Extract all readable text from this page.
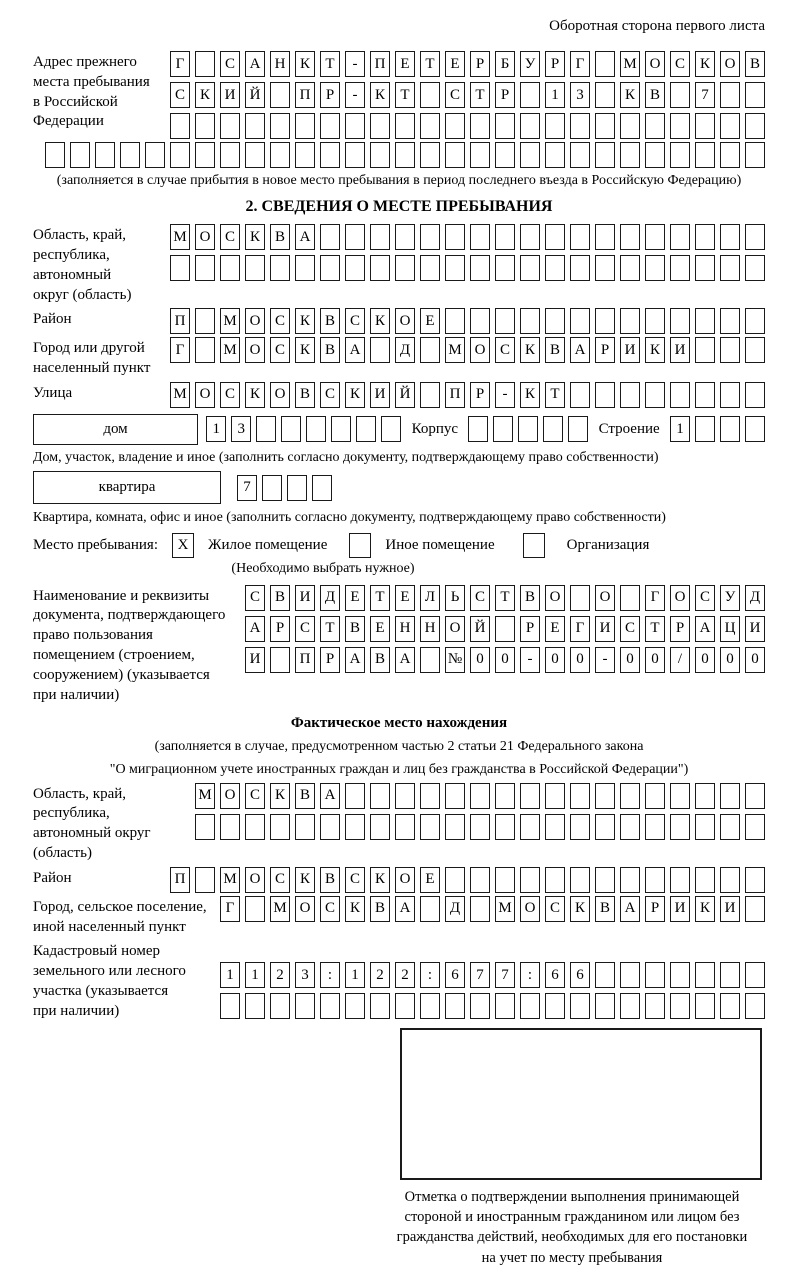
Оборотная сторона первого листа
Адрес прежнего
места пребывания
в Российской
Федерации
Г	С А Н К	Т	-	П Е	Т	Е	Р	Б	У	Р	Г	М О С К О В
С К И Й	П	Р	-	К	Т	С	Т	Р	1	3	К В	7
(заполняется в случае прибытия в новое место пребывания в период последнего въезда в Российскую Федерацию)
2. СВЕДЕНИЯ О МЕСТЕ ПРЕБЫВАНИЯ
Область, край,
республика,
автономный
округ (область)
М О С К В А
Район	П	М О С К В С К О Е
Город или другой
населенный пункт
Г	М О С К В А	Д	М О С К В А	Р	И К И
Улица	М О С К О В С К И Й	П	Р	-	К	Т
дом	1	3	Корпус	Строение	1
Дом, участок, владение и иное (заполнить согласно документу, подтверждающему право собственности)
квартира	7
Квартира, комната, офис и иное (заполнить согласно документу, подтверждающему право собственности)
Место пребывания:	X	Жилое помещение	Иное помещение	Организация
(Необходимо выбрать нужное)
Наименование и реквизиты
документа, подтверждающего
право пользования
помещением (строением,
сооружением) (указывается
при наличии)
С В И Д	Е	Т	Е	Л	Ь	С	Т	В О	О	Г	О С У Д
А	Р	С	Т	В	Е	Н Н О Й	Р	Е	Г	И С	Т	Р	А Ц И
И	П	Р	А В А	№ 0	0	-	0	0	-	0	0	/	0	0	0
Фактическое место нахождения
(заполняется в случае, предусмотренном частью 2 статьи 21 Федерального закона
"О миграционном учете иностранных граждан и лиц без гражданства в Российской Федерации")
Область, край,
республика,
автономный округ
(область)
М О С К В А
Район	П	М О С К В С К О Е
Город, сельское поселение,
иной населенный пункт
Г	М О С К В А	Д	М О С К В А	Р	И К И
Кадастровый номер
земельного или лесного
участка (указывается
при наличии)
1	1	2	3	:	1	2	2	:	6	7	7	:	6	6
Отметка о подтверждении выполнения принимающей
стороной и иностранным гражданином или лицом без
гражданства действий, необходимых для его постановки
на учет по месту пребывания
